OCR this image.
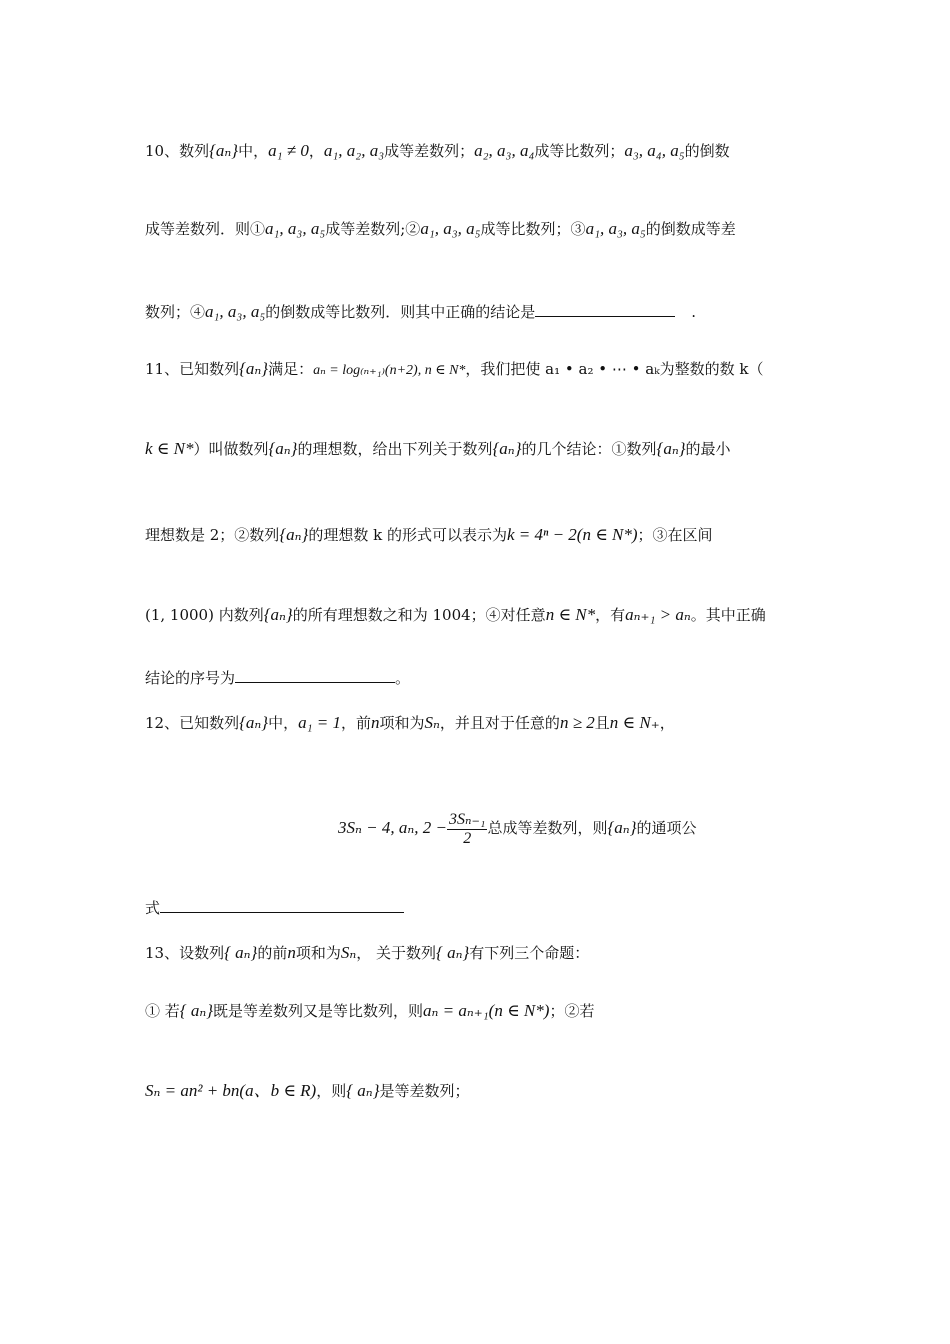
10、数列{aₙ}中，a₁ ≠ 0，a₁, a₂, a₃成等差数列；a₂, a₃, a₄成等比数列；a₃, a₄, a₅的倒数
成等差数列．则①a₁, a₃, a₅成等差数列;②a₁, a₃, a₅成等比数列；③a₁, a₃, a₅的倒数成等差
数列；④a₁, a₃, a₅的倒数成等比数列．则其中正确的结论是	.
11、已知数列{aₙ}满足：aₙ = log₍ₙ₊₁₎(n+2), n ∈ N*，我们把使 a₁ • a₂ • ⋯ • aₖ为整数的数 k（
k ∈ N*）叫做数列{aₙ}的理想数，给出下列关于数列{aₙ}的几个结论：①数列{aₙ}的最小
理想数是 2；②数列{aₙ}的理想数 k 的形式可以表示为k = 4ⁿ − 2(n ∈ N*)；③在区间
(1, 1000) 内数列{aₙ}的所有理想数之和为 1004；④对任意n ∈ N*，有aₙ₊₁ > aₙ。其中正确
结论的序号为	。
12、已知数列{aₙ}中，a₁ = 1，前n项和为Sₙ，并且对于任意的n ≥ 2且n ∈ N₊，
3Sₙ − 4, aₙ, $2 - \frac{\text{3Sₙ₋₁}}{2}$ 总成等差数列，则{aₙ}的通项公
式
13、设数列{ aₙ}的前n项和为Sₙ， 关于数列{ aₙ}有下列三个命题：
① 若{ aₙ}既是等差数列又是等比数列，则aₙ = aₙ₊₁(n ∈ N*)；②若
Sₙ = an² + bn(a、b ∈ R)，则{ aₙ}是等差数列；
